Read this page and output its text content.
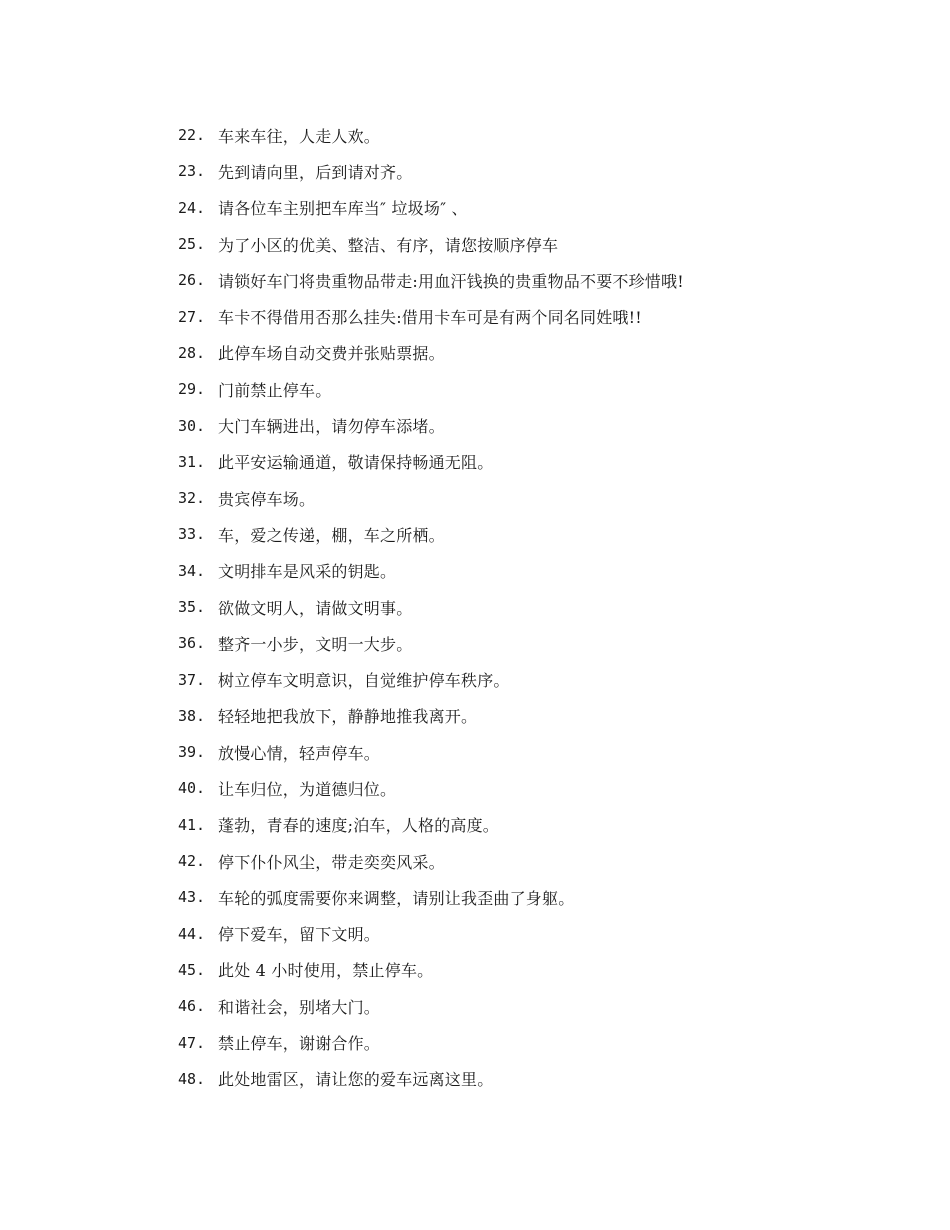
22. 车来车往，人走人欢。
23. 先到请向里，后到请对齐。
24. 请各位车主别把车库当″ 垃圾场″ 、
25. 为了小区的优美、整洁、有序，请您按顺序停车
26. 请锁好车门将贵重物品带走:用血汗钱换的贵重物品不要不珍惜哦!
27. 车卡不得借用否那么挂失:借用卡车可是有两个同名同姓哦!!
28. 此停车场自动交费并张贴票据。
29. 门前禁止停车。
30. 大门车辆进出，请勿停车添堵。
31. 此平安运输通道，敬请保持畅通无阻。
32. 贵宾停车场。
33. 车，爱之传递，棚，车之所栖。
34. 文明排车是风采的钥匙。
35. 欲做文明人，请做文明事。
36. 整齐一小步，文明一大步。
37. 树立停车文明意识，自觉维护停车秩序。
38. 轻轻地把我放下，静静地推我离开。
39. 放慢心情，轻声停车。
40. 让车归位，为道德归位。
41. 蓬勃，青春的速度;泊车，人格的高度。
42. 停下仆仆风尘，带走奕奕风采。
43. 车轮的弧度需要你来调整，请别让我歪曲了身躯。
44. 停下爱车，留下文明。
45. 此处 4 小时使用，禁止停车。
46. 和谐社会，别堵大门。
47. 禁止停车，谢谢合作。
48. 此处地雷区，请让您的爱车远离这里。
